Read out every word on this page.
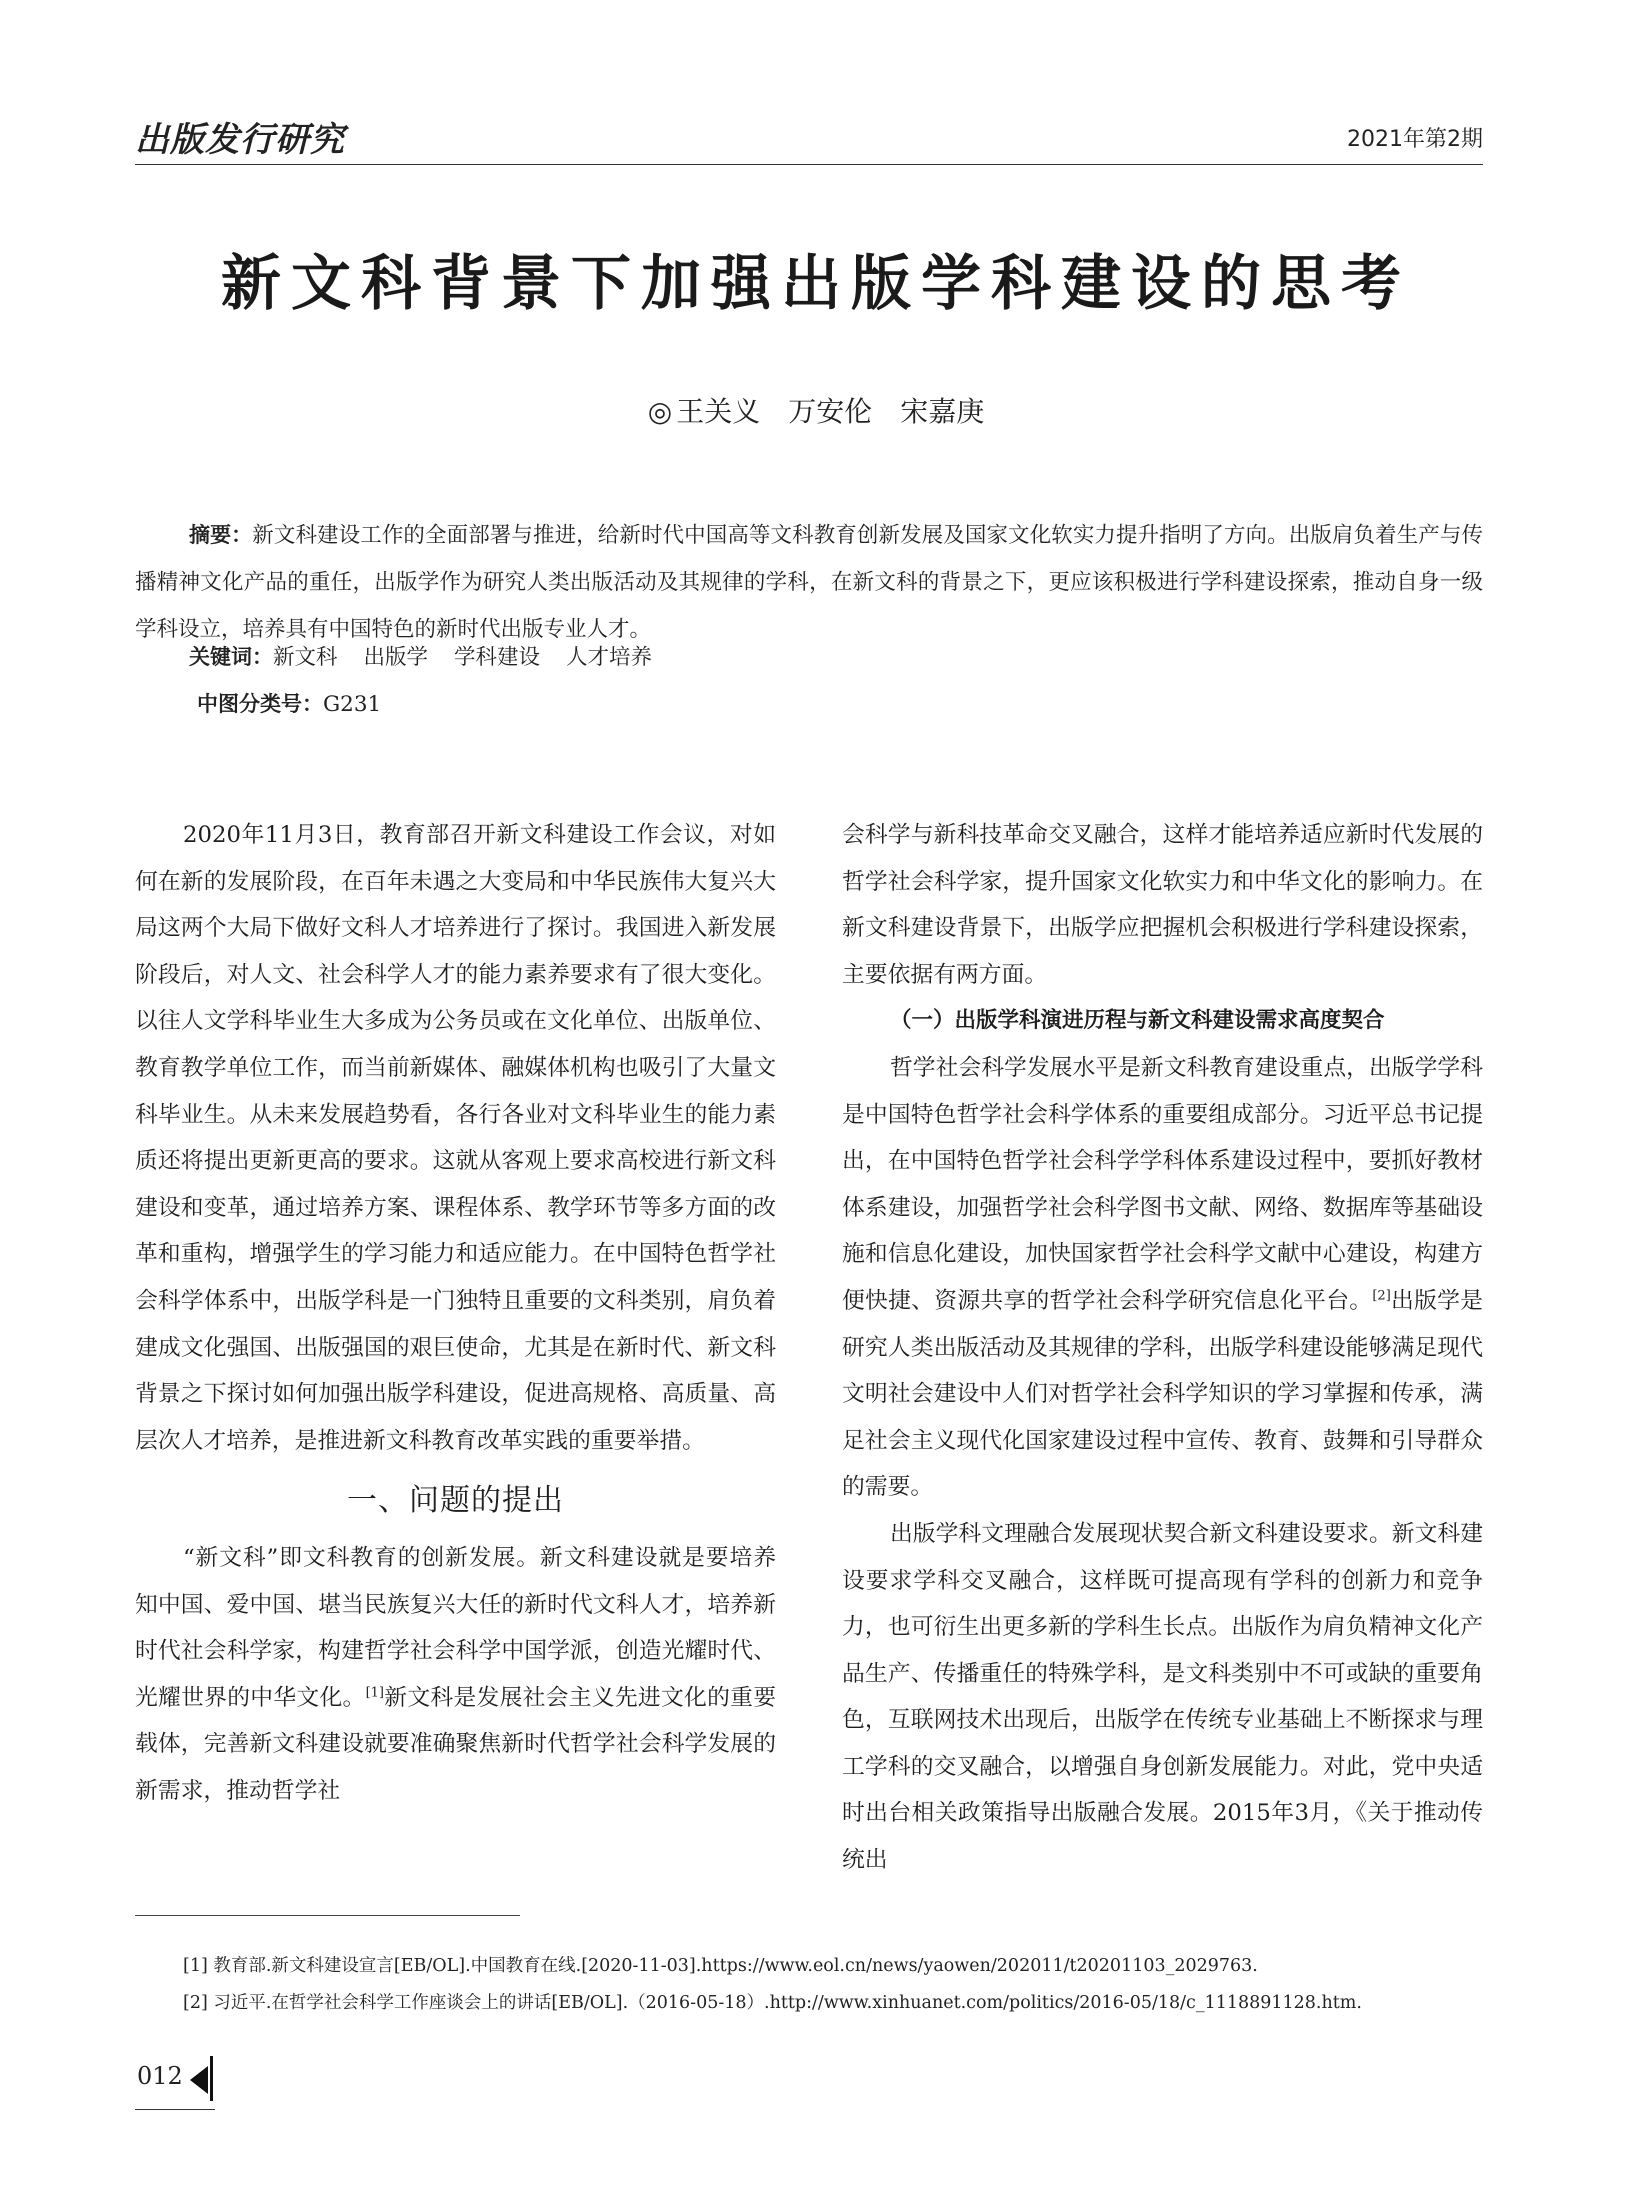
出版发行研究	2021年第2期
新文科背景下加强出版学科建设的思考
◎ 王关义 万安伦 宋嘉庚
摘要：新文科建设工作的全面部署与推进，给新时代中国高等文科教育创新发展及国家文化软实力提升指明了方向。出版肩负着生产与传播精神文化产品的重任，出版学作为研究人类出版活动及其规律的学科，在新文科的背景之下，更应该积极进行学科建设探索，推动自身一级学科设立，培养具有中国特色的新时代出版专业人才。
关键词：新文科 出版学 学科建设 人才培养
中图分类号：G231

2020年11月3日，教育部召开新文科建设工作会议，对如何在新的发展阶段，在百年未遇之大变局和中华民族伟大复兴大局这两个大局下做好文科人才培养进行了探讨。我国进入新发展阶段后，对人文、社会科学人才的能力素养要求有了很大变化。以往人文学科毕业生大多成为公务员或在文化单位、出版单位、教育教学单位工作，而当前新媒体、融媒体机构也吸引了大量文科毕业生。从未来发展趋势看，各行各业对文科毕业生的能力素质还将提出更新更高的要求。这就从客观上要求高校进行新文科建设和变革，通过培养方案、课程体系、教学环节等多方面的改革和重构，增强学生的学习能力和适应能力。在中国特色哲学社会科学体系中，出版学科是一门独特且重要的文科类别，肩负着建成文化强国、出版强国的艰巨使命，尤其是在新时代、新文科背景之下探讨如何加强出版学科建设，促进高规格、高质量、高层次人才培养，是推进新文科教育改革实践的重要举措。

一、问题的提出

“新文科”即文科教育的创新发展。新文科建设就是要培养知中国、爱中国、堪当民族复兴大任的新时代文科人才，培养新时代社会科学家，构建哲学社会科学中国学派，创造光耀时代、光耀世界的中华文化。[1]新文科是发展社会主义先进文化的重要载体，完善新文科建设就要准确聚焦新时代哲学社会科学发展的新需求，推动哲学社

会科学与新科技革命交叉融合，这样才能培养适应新时代发展的哲学社会科学家，提升国家文化软实力和中华文化的影响力。在新文科建设背景下，出版学应把握机会积极进行学科建设探索，主要依据有两方面。

（一）出版学科演进历程与新文科建设需求高度契合

哲学社会科学发展水平是新文科教育建设重点，出版学学科是中国特色哲学社会科学体系的重要组成部分。习近平总书记提出，在中国特色哲学社会科学学科体系建设过程中，要抓好教材体系建设，加强哲学社会科学图书文献、网络、数据库等基础设施和信息化建设，加快国家哲学社会科学文献中心建设，构建方便快捷、资源共享的哲学社会科学研究信息化平台。[2]出版学是研究人类出版活动及其规律的学科，出版学科建设能够满足现代文明社会建设中人们对哲学社会科学知识的学习掌握和传承，满足社会主义现代化国家建设过程中宣传、教育、鼓舞和引导群众的需要。

出版学科文理融合发展现状契合新文科建设要求。新文科建设要求学科交叉融合，这样既可提高现有学科的创新力和竞争力，也可衍生出更多新的学科生长点。出版作为肩负精神文化产品生产、传播重任的特殊学科，是文科类别中不可或缺的重要角色，互联网技术出现后，出版学在传统专业基础上不断探求与理工学科的交叉融合，以增强自身创新发展能力。对此，党中央适时出台相关政策指导出版融合发展。2015年3月，《关于推动传统出

[1] 教育部.新文科建设宣言[EB/OL].中国教育在线.[2020-11-03].https://www.eol.cn/news/yaowen/202011/t20201103_2029763.
[2] 习近平.在哲学社会科学工作座谈会上的讲话[EB/OL].（2016-05-18）.http://www.xinhuanet.com/politics/2016-05/18/c_1118891128.htm.
012
